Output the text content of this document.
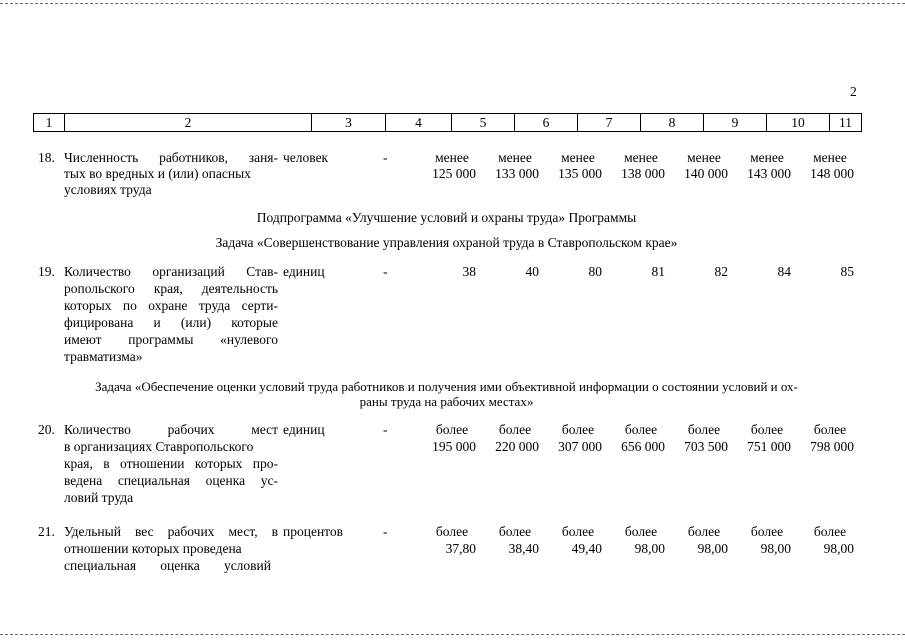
2
1	2	3	4	5	6	7	8	9	10	11
18. Численность работников, заня-
тых во вредных и (или) опасных
условиях труда
человек	-	менее	менее	менее	менее	менее	менее	менее
125 000	133 000	135 000	138 000	140 000	143 000	148 000
Подпрограмма «Улучшение условий и охраны труда» Программы
Задача «Совершенствование управления охраной труда в Ставропольском крае»
19. Количество организаций Став-
ропольского края, деятельность
которых по охране труда серти-
фицирована и (или) которые
имеют программы «нулевого
травматизма»
единиц	-	38	40	80	81	82	84	85
Задача «Обеспечение оценки условий труда работников и получения ими объективной информации о состоянии условий и ох-
раны труда на рабочих местах»
20. Количество рабочих мест
в организациях Ставропольского
края, в отношении которых про-
ведена специальная оценка ус-
ловий труда
единиц	-	более	более	более	более	более	более	более
195 000	220 000	307 000	656 000	703 500	751 000	798 000
21. Удельный вес рабочих мест, в
отношении которых проведена
специальная оценка условий
процентов	-	более	более	более	более	более	более	более
37,80	38,40	49,40	98,00	98,00	98,00	98,00
